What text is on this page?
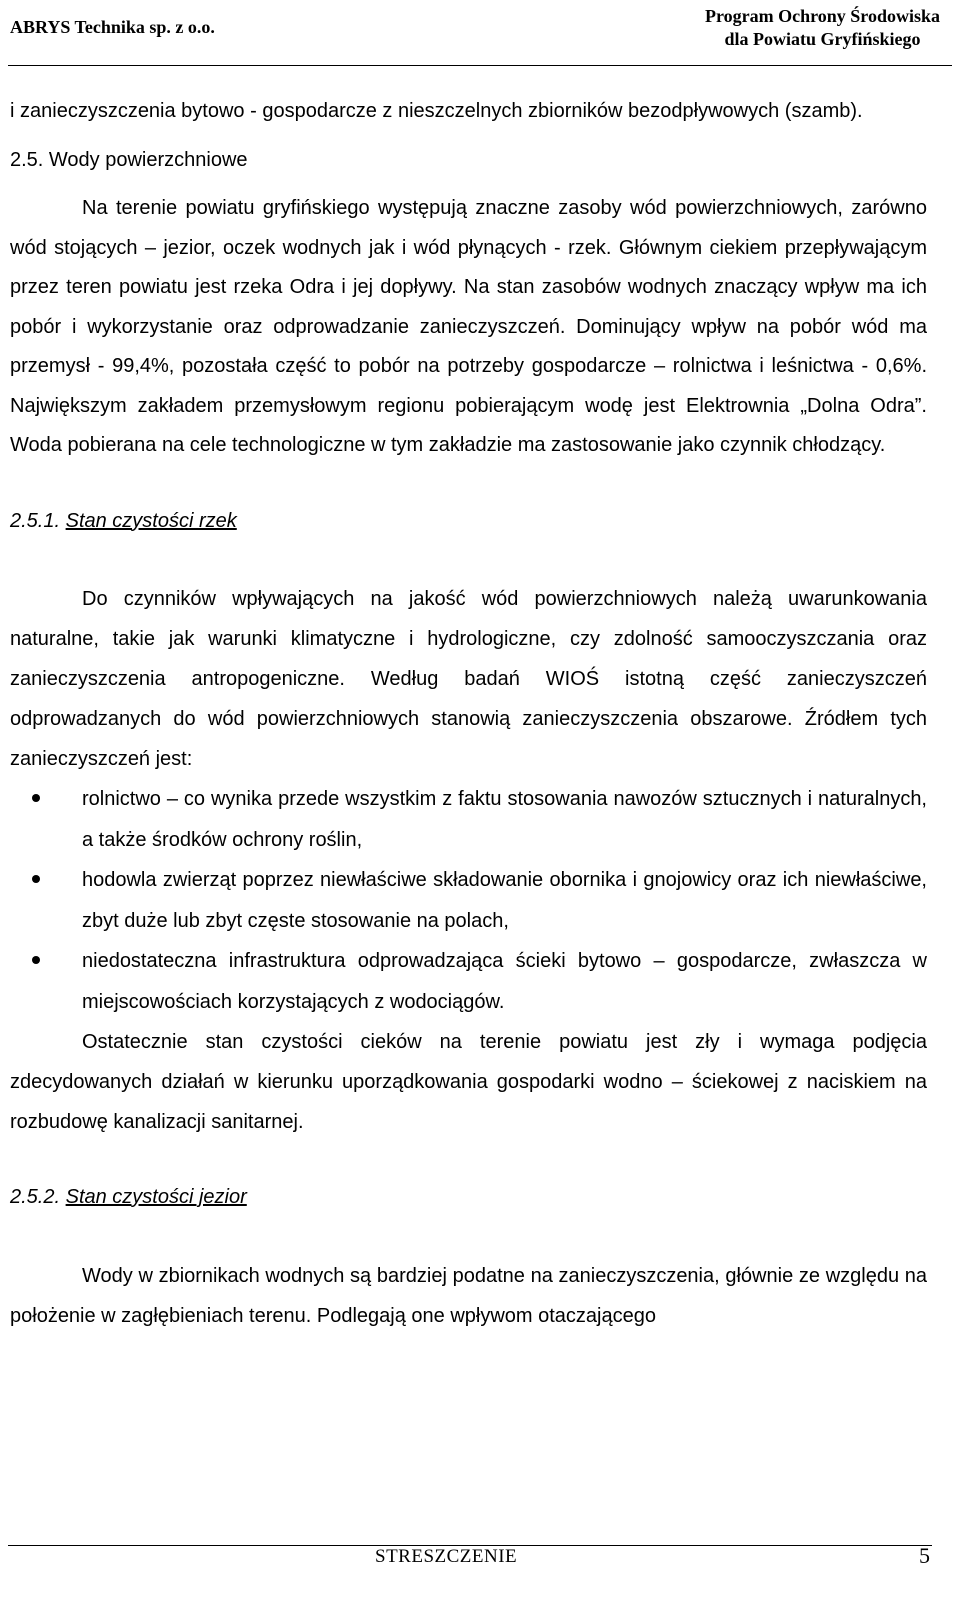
ABRYS Technika sp. z o.o.
Program Ochrony Środowiska
dla Powiatu Gryfińskiego

i zanieczyszczenia bytowo - gospodarcze z nieszczelnych zbiorników bezodpływowych (szamb).

2.5. Wody powierzchniowe

Na terenie powiatu gryfińskiego występują znaczne zasoby wód powierzchniowych, zarówno wód stojących – jezior, oczek wodnych jak i wód płynących - rzek. Głównym ciekiem przepływającym przez teren powiatu jest rzeka Odra i jej dopływy. Na stan zasobów wodnych znaczący wpływ ma ich pobór i wykorzystanie oraz odprowadzanie zanieczyszczeń. Dominujący wpływ na pobór wód ma przemysł - 99,4%, pozostała część to pobór na potrzeby gospodarcze – rolnictwa i leśnictwa - 0,6%. Największym zakładem przemysłowym regionu pobierającym wodę jest Elektrownia „Dolna Odra”. Woda pobierana na cele technologiczne w tym zakładzie ma zastosowanie jako czynnik chłodzący.

2.5.1. Stan czystości rzek

Do czynników wpływających na jakość wód powierzchniowych należą uwarunkowania naturalne, takie jak warunki klimatyczne i hydrologiczne, czy zdolność samooczyszczania oraz zanieczyszczenia antropogeniczne. Według badań WIOŚ istotną część zanieczyszczeń odprowadzanych do wód powierzchniowych stanowią zanieczyszczenia obszarowe. Źródłem tych zanieczyszczeń jest:

rolnictwo – co wynika przede wszystkim z faktu stosowania nawozów sztucznych i naturalnych, a także środków ochrony roślin,
hodowla zwierząt poprzez niewłaściwe składowanie obornika i gnojowicy oraz ich niewłaściwe, zbyt duże lub zbyt częste stosowanie na polach,
niedostateczna infrastruktura odprowadzająca ścieki bytowo – gospodarcze, zwłaszcza w miejscowościach korzystających z wodociągów.

Ostatecznie stan czystości cieków na terenie powiatu jest zły i wymaga podjęcia zdecydowanych działań w kierunku uporządkowania gospodarki wodno – ściekowej z naciskiem na rozbudowę kanalizacji sanitarnej.

2.5.2. Stan czystości jezior

Wody w zbiornikach wodnych są bardziej podatne na zanieczyszczenia, głównie ze względu na położenie w zagłębieniach terenu. Podlegają one wpływom otaczającego

STRESZCZENIE	5
